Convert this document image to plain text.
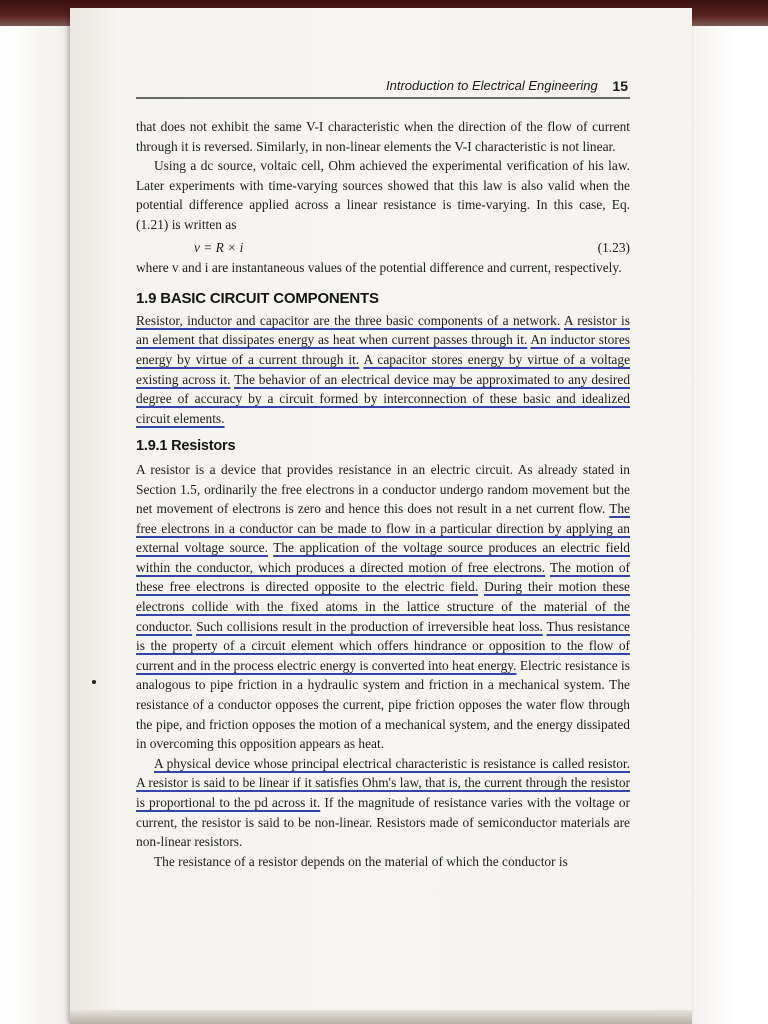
Introduction to Electrical Engineering 15

that does not exhibit the same V-I characteristic when the direction of the flow of current through it is reversed. Similarly, in non-linear elements the V-I characteristic is not linear.

Using a dc source, voltaic cell, Ohm achieved the experimental verification of his law. Later experiments with time-varying sources showed that this law is also valid when the potential difference applied across a linear resistance is time-varying. In this case, Eq. (1.21) is written as

v = R × i	(1.23)

where v and i are instantaneous values of the potential difference and current, respectively.

1.9 BASIC CIRCUIT COMPONENTS

Resistor, inductor and capacitor are the three basic components of a network. A resistor is an element that dissipates energy as heat when current passes through it. An inductor stores energy by virtue of a current through it. A capacitor stores energy by virtue of a voltage existing across it. The behavior of an electrical device may be approximated to any desired degree of accuracy by a circuit formed by interconnection of these basic and idealized circuit elements.

1.9.1 Resistors

A resistor is a device that provides resistance in an electric circuit. As already stated in Section 1.5, ordinarily the free electrons in a conductor undergo random movement but the net movement of electrons is zero and hence this does not result in a net current flow. The free electrons in a conductor can be made to flow in a particular direction by applying an external voltage source. The application of the voltage source produces an electric field within the conductor, which produces a directed motion of free electrons. The motion of these free electrons is directed opposite to the electric field. During their motion these electrons collide with the fixed atoms in the lattice structure of the material of the conductor. Such collisions result in the production of irreversible heat loss. Thus resistance is the property of a circuit element which offers hindrance or opposition to the flow of current and in the process electric energy is converted into heat energy. Electric resistance is analogous to pipe friction in a hydraulic system and friction in a mechanical system. The resistance of a conductor opposes the current, pipe friction opposes the water flow through the pipe, and friction opposes the motion of a mechanical system, and the energy dissipated in overcoming this opposition appears as heat.

A physical device whose principal electrical characteristic is resistance is called resistor. A resistor is said to be linear if it satisfies Ohm's law, that is, the current through the resistor is proportional to the pd across it. If the magnitude of resistance varies with the voltage or current, the resistor is said to be non-linear. Resistors made of semiconductor materials are non-linear resistors.

The resistance of a resistor depends on the material of which the conductor is
